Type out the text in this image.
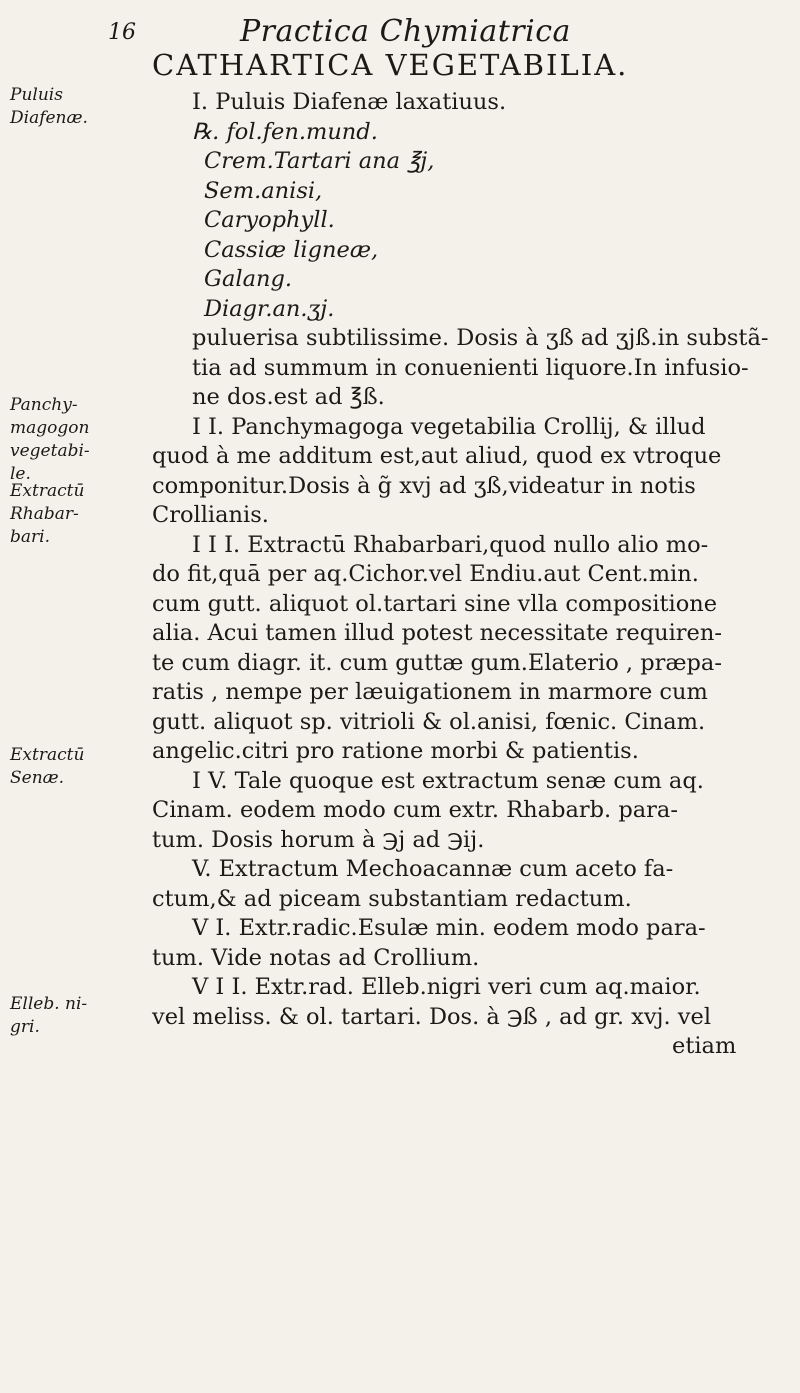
16	Practica Chymiatrica
CATHARTICA VEGETABILIA.
Puluis
Diafenæ.
Panchy-
magogon
vegetabi-
le.
Extractū
Rhabar-
bari.
Extractū
Senæ.
Elleb. ni-
gri.
I. Puluis Diafenæ laxatiuus.
℞. fol.fen.mund.
Crem.Tartari ana ℥j,
Sem.anisi,
Caryophyll.
Cassiæ ligneæ,
Galang.
Diagr.an.ʒj.
puluerisa subtilissime. Dosis à ʒß ad ʒjß.in substã-
tia ad summum in conuenienti liquore.In infusio-
ne dos.est ad ℥ß.
I I. Panchymagoga vegetabilia Crollij, & illud
quod à me additum est,aut aliud, quod ex vtroque
componitur.Dosis à g̃ xvj ad ʒß,videatur in notis
Crollianis.
I I I. Extractū Rhabarbari,quod nullo alio mo-
do fit,quā per aq.Cichor.vel Endiu.aut Cent.min.
cum gutt. aliquot ol.tartari sine vlla compositione
alia. Acui tamen illud potest necessitate requiren-
te cum diagr. it. cum guttæ gum.Elaterio , præpa-
ratis , nempe per læuigationem in marmore cum
gutt. aliquot sp. vitrioli & ol.anisi, fœnic. Cinam.
angelic.citri pro ratione morbi & patientis.
I V. Tale quoque est extractum senæ cum aq.
Cinam. eodem modo cum extr. Rhabarb. para-
tum. Dosis horum à ℈j ad ℈ij.
V. Extractum Mechoacannæ cum aceto fa-
ctum,& ad piceam substantiam redactum.
V I. Extr.radic.Esulæ min. eodem modo para-
tum. Vide notas ad Crollium.
V I I. Extr.rad. Elleb.nigri veri cum aq.maior.
vel meliss. & ol. tartari. Dos. à ℈ß , ad gr. xvj. vel
etiam
